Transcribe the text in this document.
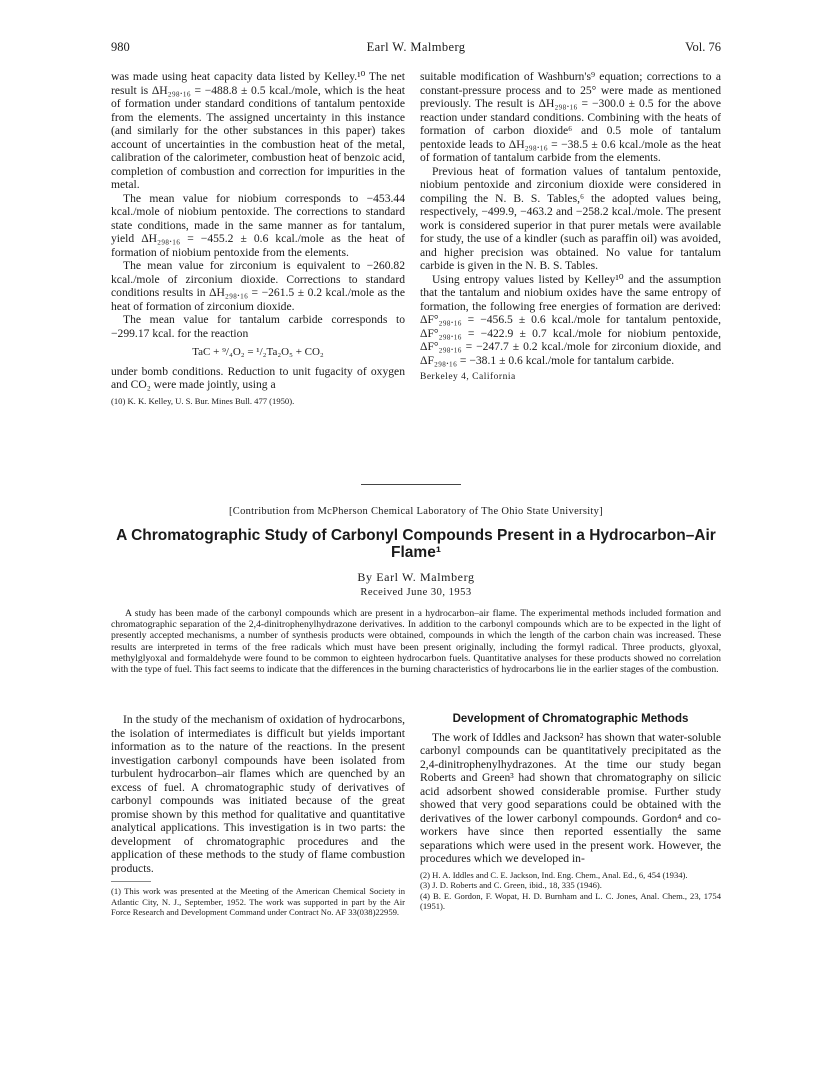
980	Earl W. Malmberg	Vol. 76

was made using heat capacity data listed by Kelley.¹⁰ The net result is ΔH₂₉₈.₁₆ = −488.8 ± 0.5 kcal./mole, which is the heat of formation under standard conditions of tantalum pentoxide from the elements. The assigned uncertainty in this instance (and similarly for the other substances in this paper) takes account of uncertainties in the combustion heat of the metal, calibration of the calorimeter, combustion heat of benzoic acid, completion of combustion and correction for impurities in the metal.

The mean value for niobium corresponds to −453.44 kcal./mole of niobium pentoxide. The corrections to standard state conditions, made in the same manner as for tantalum, yield ΔH₂₉₈.₁₆ = −455.2 ± 0.6 kcal./mole as the heat of formation of niobium pentoxide from the elements.

The mean value for zirconium is equivalent to −260.82 kcal./mole of zirconium dioxide. Corrections to standard conditions results in ΔH₂₉₈.₁₆ = −261.5 ± 0.2 kcal./mole as the heat of formation of zirconium dioxide.

The mean value for tantalum carbide corresponds to −299.17 kcal. for the reaction

TaC + ⁹/₄O₂ = ¹/₂Ta₂O₅ + CO₂

under bomb conditions. Reduction to unit fugacity of oxygen and CO₂ were made jointly, using a

(10) K. K. Kelley, U. S. Bur. Mines Bull. 477 (1950).

suitable modification of Washburn's⁹ equation; corrections to a constant-pressure process and to 25° were made as mentioned previously. The result is ΔH₂₉₈.₁₆ = −300.0 ± 0.5 for the above reaction under standard conditions. Combining with the heats of formation of carbon dioxide⁶ and 0.5 mole of tantalum pentoxide leads to ΔH₂₉₈.₁₆ = −38.5 ± 0.6 kcal./mole as the heat of formation of tantalum carbide from the elements.

Previous heat of formation values of tantalum pentoxide, niobium pentoxide and zirconium dioxide were considered in compiling the N. B. S. Tables,⁶ the adopted values being, respectively, −499.9, −463.2 and −258.2 kcal./mole. The present work is considered superior in that purer metals were available for study, the use of a kindler (such as paraffin oil) was avoided, and higher precision was obtained. No value for tantalum carbide is given in the N. B. S. Tables.

Using entropy values listed by Kelley¹⁰ and the assumption that the tantalum and niobium oxides have the same entropy of formation, the following free energies of formation are derived: ΔF°₂₉₈.₁₆ = −456.5 ± 0.6 kcal./mole for tantalum pentoxide, ΔF°₂₉₈.₁₆ = −422.9 ± 0.7 kcal./mole for niobium pentoxide, ΔF°₂₉₈.₁₆ = −247.7 ± 0.2 kcal./mole for zirconium dioxide, and ΔF₂₉₈.₁₆ = −38.1 ± 0.6 kcal./mole for tantalum carbide.

Berkeley 4, California
[Contribution from McPherson Chemical Laboratory of The Ohio State University]
A Chromatographic Study of Carbonyl Compounds Present in a Hydrocarbon–Air Flame¹
By Earl W. Malmberg
Received June 30, 1953
A study has been made of the carbonyl compounds which are present in a hydrocarbon–air flame. The experimental methods included formation and chromatographic separation of the 2,4-dinitrophenylhydrazone derivatives. In addition to the carbonyl compounds which are to be expected in the light of presently accepted mechanisms, a number of synthesis products were obtained, compounds in which the length of the carbon chain was increased. These results are interpreted in terms of the free radicals which must have been present originally, including the formyl radical. Three products, glyoxal, methylglyoxal and formaldehyde were found to be common to eighteen hydrocarbon fuels. Quantitative analyses for these products showed no correlation with the type of fuel. This fact seems to indicate that the differences in the burning characteristics of hydrocarbons lie in the earlier stages of the combustion.

In the study of the mechanism of oxidation of hydrocarbons, the isolation of intermediates is difficult but yields important information as to the nature of the reactions. In the present investigation carbonyl compounds have been isolated from turbulent hydrocarbon–air flames which are quenched by an excess of fuel. A chromatographic study of derivatives of carbonyl compounds was initiated because of the great promise shown by this method for qualitative and quantitative analytical applications. This investigation is in two parts: the development of chromatographic procedures and the application of these methods to the study of flame combustion products.

(1) This work was presented at the Meeting of the American Chemical Society in Atlantic City, N. J., September, 1952. The work was supported in part by the Air Force Research and Development Command under Contract No. AF 33(038)22959.
Development of Chromatographic Methods

The work of Iddles and Jackson² has shown that water-soluble carbonyl compounds can be quantitatively precipitated as the 2,4-dinitrophenylhydrazones. At the time our study began Roberts and Green³ had shown that chromatography on silicic acid adsorbent showed considerable promise. Further study showed that very good separations could be obtained with the derivatives of the lower carbonyl compounds. Gordon⁴ and co-workers have since then reported essentially the same separations which were used in the present work. However, the procedures which we developed in-

(2) H. A. Iddles and C. E. Jackson, Ind. Eng. Chem., Anal. Ed., 6, 454 (1934).
(3) J. D. Roberts and C. Green, ibid., 18, 335 (1946).
(4) B. E. Gordon, F. Wopat, H. D. Burnham and L. C. Jones, Anal. Chem., 23, 1754 (1951).
